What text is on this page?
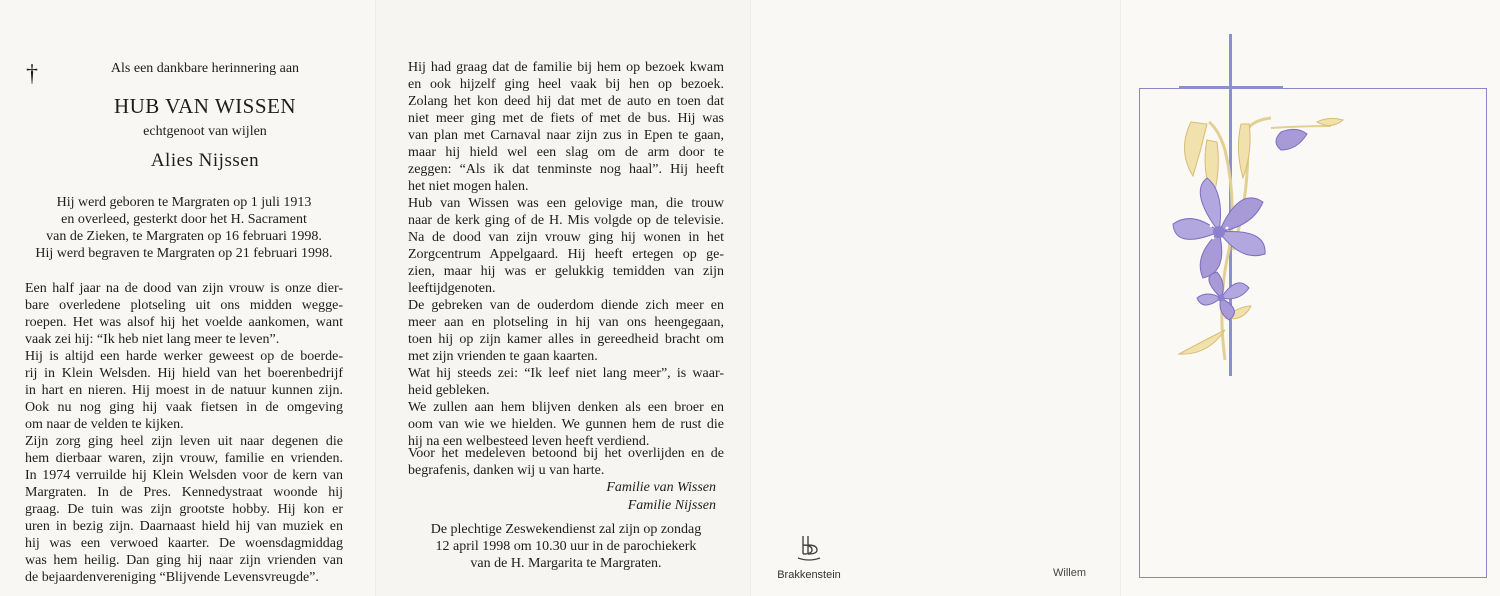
†	Als een dankbare herinnering aan
HUB VAN WISSEN
echtgenoot van wijlen
Alies Nijssen
Hij werd geboren te Margraten op 1 juli 1913
en overleed, gesterkt door het H. Sacrament
van de Zieken, te Margraten op 16 februari 1998.
Hij werd begraven te Margraten op 21 februari 1998.
Een half jaar na de dood van zijn vrouw is onze dier-
bare overledene plotseling uit ons midden wegge-
roepen. Het was alsof hij het voelde aankomen, want
vaak zei hij: “Ik heb niet lang meer te leven”.
Hij is altijd een harde werker geweest op de boerde-
rij in Klein Welsden. Hij hield van het boerenbedrijf
in hart en nieren. Hij moest in de natuur kunnen zijn.
Ook nu nog ging hij vaak fietsen in de omgeving
om naar de velden te kijken.
Zijn zorg ging heel zijn leven uit naar degenen die
hem dierbaar waren, zijn vrouw, familie en vrienden.
In 1974 verruilde hij Klein Welsden voor de kern van
Margraten. In de Pres. Kennedystraat woonde hij
graag. De tuin was zijn grootste hobby. Hij kon er
uren in bezig zijn. Daarnaast hield hij van muziek en
hij was een verwoed kaarter. De woensdagmiddag
was hem heilig. Dan ging hij naar zijn vrienden van
de bejaardenvereniging “Blijvende Levensvreugde”.
Hij had graag dat de familie bij hem op bezoek kwam
en ook hijzelf ging heel vaak bij hen op bezoek.
Zolang het kon deed hij dat met de auto en toen dat
niet meer ging met de fiets of met de bus. Hij was
van plan met Carnaval naar zijn zus in Epen te gaan,
maar hij hield wel een slag om de arm door te
zeggen: “Als ik dat tenminste nog haal”. Hij heeft
het niet mogen halen.
Hub van Wissen was een gelovige man, die trouw
naar de kerk ging of de H. Mis volgde op de televisie.
Na de dood van zijn vrouw ging hij wonen in het
Zorgcentrum Appelgaard. Hij heeft ertegen op ge-
zien, maar hij was er gelukkig temidden van zijn
leeftijdgenoten.
De gebreken van de ouderdom diende zich meer en
meer aan en plotseling in hij van ons heengegaan,
toen hij op zijn kamer alles in gereedheid bracht om
met zijn vrienden te gaan kaarten.
Wat hij steeds zei: “Ik leef niet lang meer”, is waar-
heid gebleken.
We zullen aan hem blijven denken als een broer en
oom van wie we hielden. We gunnen hem de rust die
hij na een welbesteed leven heeft verdiend.
Voor het medeleven betoond bij het overlijden en de
begrafenis, danken wij u van harte.
Familie van Wissen
Familie Nijssen
De plechtige Zeswekendienst zal zijn op zondag
12 april 1998 om 10.30 uur in de parochiekerk
van de H. Margarita te Margraten.
Brakkenstein	Willem
